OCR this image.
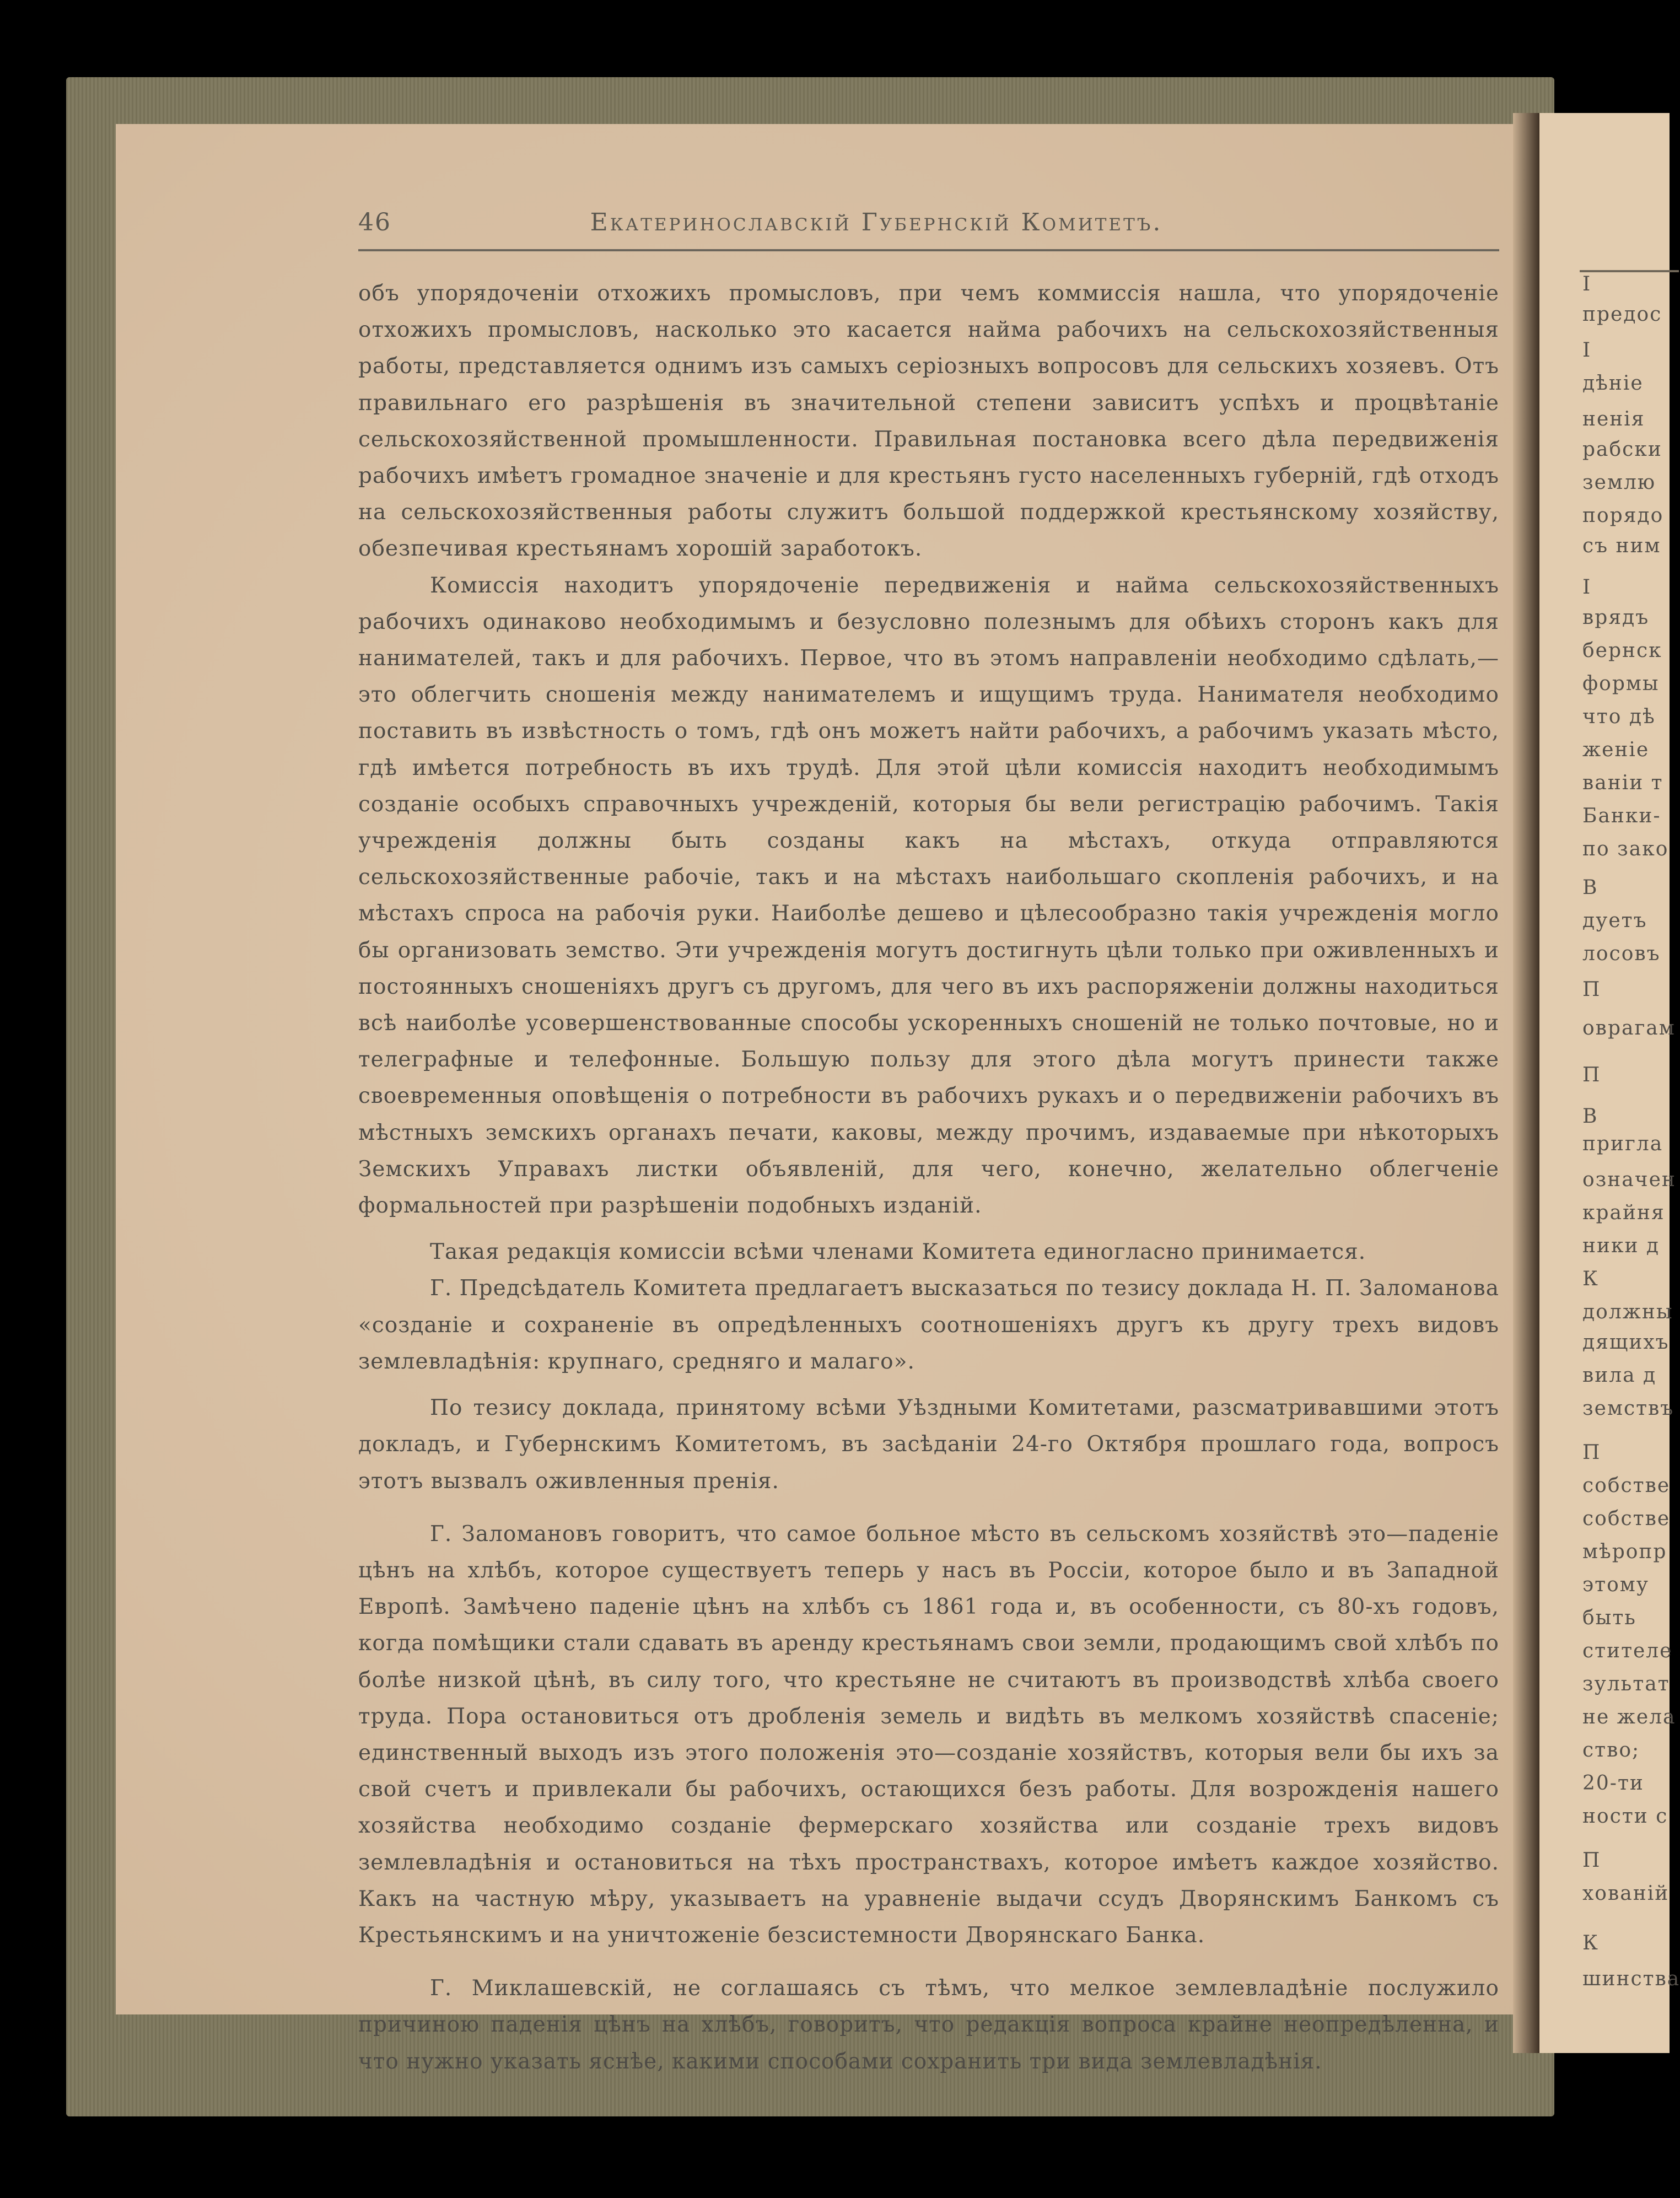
І
предос
І
дѣніе
ненія
рабски
землю
порядо
съ ним
І
врядъ
бернск
формы
что дѣ
женіе
ваніи т
Банки-
по зако
В
дуетъ
лосовъ
П
оврагам
П
В
пригла
означен
крайня
ники д
К
должны
дящихъ
вила д
земствъ
П
собстве
собстве
мѣропр
этому
быть
стителе
зультат
не жела
ство;
20-ти
ности с
П
хованій
К
шинства
46	Екатеринославскій Губернскій Комитетъ.

объ упорядоченіи отхожихъ промысловъ, при чемъ коммиссія нашла, что упорядоченіе отхожихъ промысловъ, насколько это касается найма рабочихъ на сельскохозяйственныя работы, представляется однимъ изъ самыхъ серіозныхъ вопросовъ для сельскихъ хозяевъ. Отъ правильнаго его разрѣшенія въ значительной степени зависитъ успѣхъ и процвѣтаніе сельскохозяйственной промышленности. Правильная постановка всего дѣла передвиженія рабочихъ имѣетъ громадное значеніе и для крестьянъ густо населенныхъ губерній, гдѣ отходъ на сельскохозяйственныя работы служитъ большой поддержкой крестьянскому хозяйству, обезпечивая крестьянамъ хорошій заработокъ.

Комиссія находитъ упорядоченіе передвиженія и найма сельскохозяйственныхъ рабочихъ одинаково необходимымъ и безусловно полезнымъ для обѣихъ сторонъ какъ для нанимателей, такъ и для рабочихъ. Первое, что въ этомъ направленіи необходимо сдѣлать,—это облегчить сношенія между нанимателемъ и ищущимъ труда. Нанимателя необходимо поставить въ извѣстность о томъ, гдѣ онъ можетъ найти рабочихъ, а рабочимъ указать мѣсто, гдѣ имѣется потребность въ ихъ трудѣ. Для этой цѣли комиссія находитъ необходимымъ созданіе особыхъ справочныхъ учрежденій, которыя бы вели регистрацію рабочимъ. Такія учрежденія должны быть созданы какъ на мѣстахъ, откуда отправляются сельскохозяйственные рабочіе, такъ и на мѣстахъ наибольшаго скопленія рабочихъ, и на мѣстахъ спроса на рабочія руки. Наиболѣе дешево и цѣлесообразно такія учрежденія могло бы организовать земство. Эти учрежденія могутъ достигнуть цѣли только при оживленныхъ и постоянныхъ сношеніяхъ другъ съ другомъ, для чего въ ихъ распоряженіи должны находиться всѣ наиболѣе усовершенствованные способы ускоренныхъ сношеній не только почтовые, но и телеграфные и телефонные. Большую пользу для этого дѣла могутъ принести также своевременныя оповѣщенія о потребности въ рабочихъ рукахъ и о передвиженіи рабочихъ въ мѣстныхъ земскихъ органахъ печати, каковы, между прочимъ, издаваемые при нѣкоторыхъ Земскихъ Управахъ листки объявленій, для чего, конечно, желательно облегченіе формальностей при разрѣшеніи подобныхъ изданій.

Такая редакція комиссіи всѣми членами Комитета единогласно принимается.

Г. Предсѣдатель Комитета предлагаетъ высказаться по тезису доклада Н. П. Заломанова «созданіе и сохраненіе въ опредѣленныхъ соотношеніяхъ другъ къ другу трехъ видовъ землевладѣнія: крупнаго, средняго и малаго».

По тезису доклада, принятому всѣми Уѣздными Комитетами, разсматривавшими этотъ докладъ, и Губернскимъ Комитетомъ, въ засѣданіи 24-го Октября прошлаго года, вопросъ этотъ вызвалъ оживленныя пренія.

Г. Заломановъ говоритъ, что самое больное мѣсто въ сельскомъ хозяйствѣ это—паденіе цѣнъ на хлѣбъ, которое существуетъ теперь у насъ въ Россіи, которое было и въ Западной Европѣ. Замѣчено паденіе цѣнъ на хлѣбъ съ 1861 года и, въ особенности, съ 80-хъ годовъ, когда помѣщики стали сдавать въ аренду крестьянамъ свои земли, продающимъ свой хлѣбъ по болѣе низкой цѣнѣ, въ силу того, что крестьяне не считаютъ въ производствѣ хлѣба своего труда. Пора остановиться отъ дробленія земель и видѣть въ мелкомъ хозяйствѣ спасеніе; единственный выходъ изъ этого положенія это—созданіе хозяйствъ, которыя вели бы ихъ за свой счетъ и привлекали бы рабочихъ, остающихся безъ работы. Для возрожденія нашего хозяйства необходимо созданіе фермерскаго хозяйства или созданіе трехъ видовъ землевладѣнія и остановиться на тѣхъ пространствахъ, которое имѣетъ каждое хозяйство. Какъ на частную мѣру, указываетъ на уравненіе выдачи ссудъ Дворянскимъ Банкомъ съ Крестьянскимъ и на уничтоженіе безсистемности Дворянскаго Банка.

Г. Миклашевскій, не соглашаясь съ тѣмъ, что мелкое землевладѣніе послужило причиною паденія цѣнъ на хлѣбъ, говоритъ, что редакція вопроса крайне неопредѣленна, и что нужно указать яснѣе, какими способами сохранить три вида землевладѣнія.
